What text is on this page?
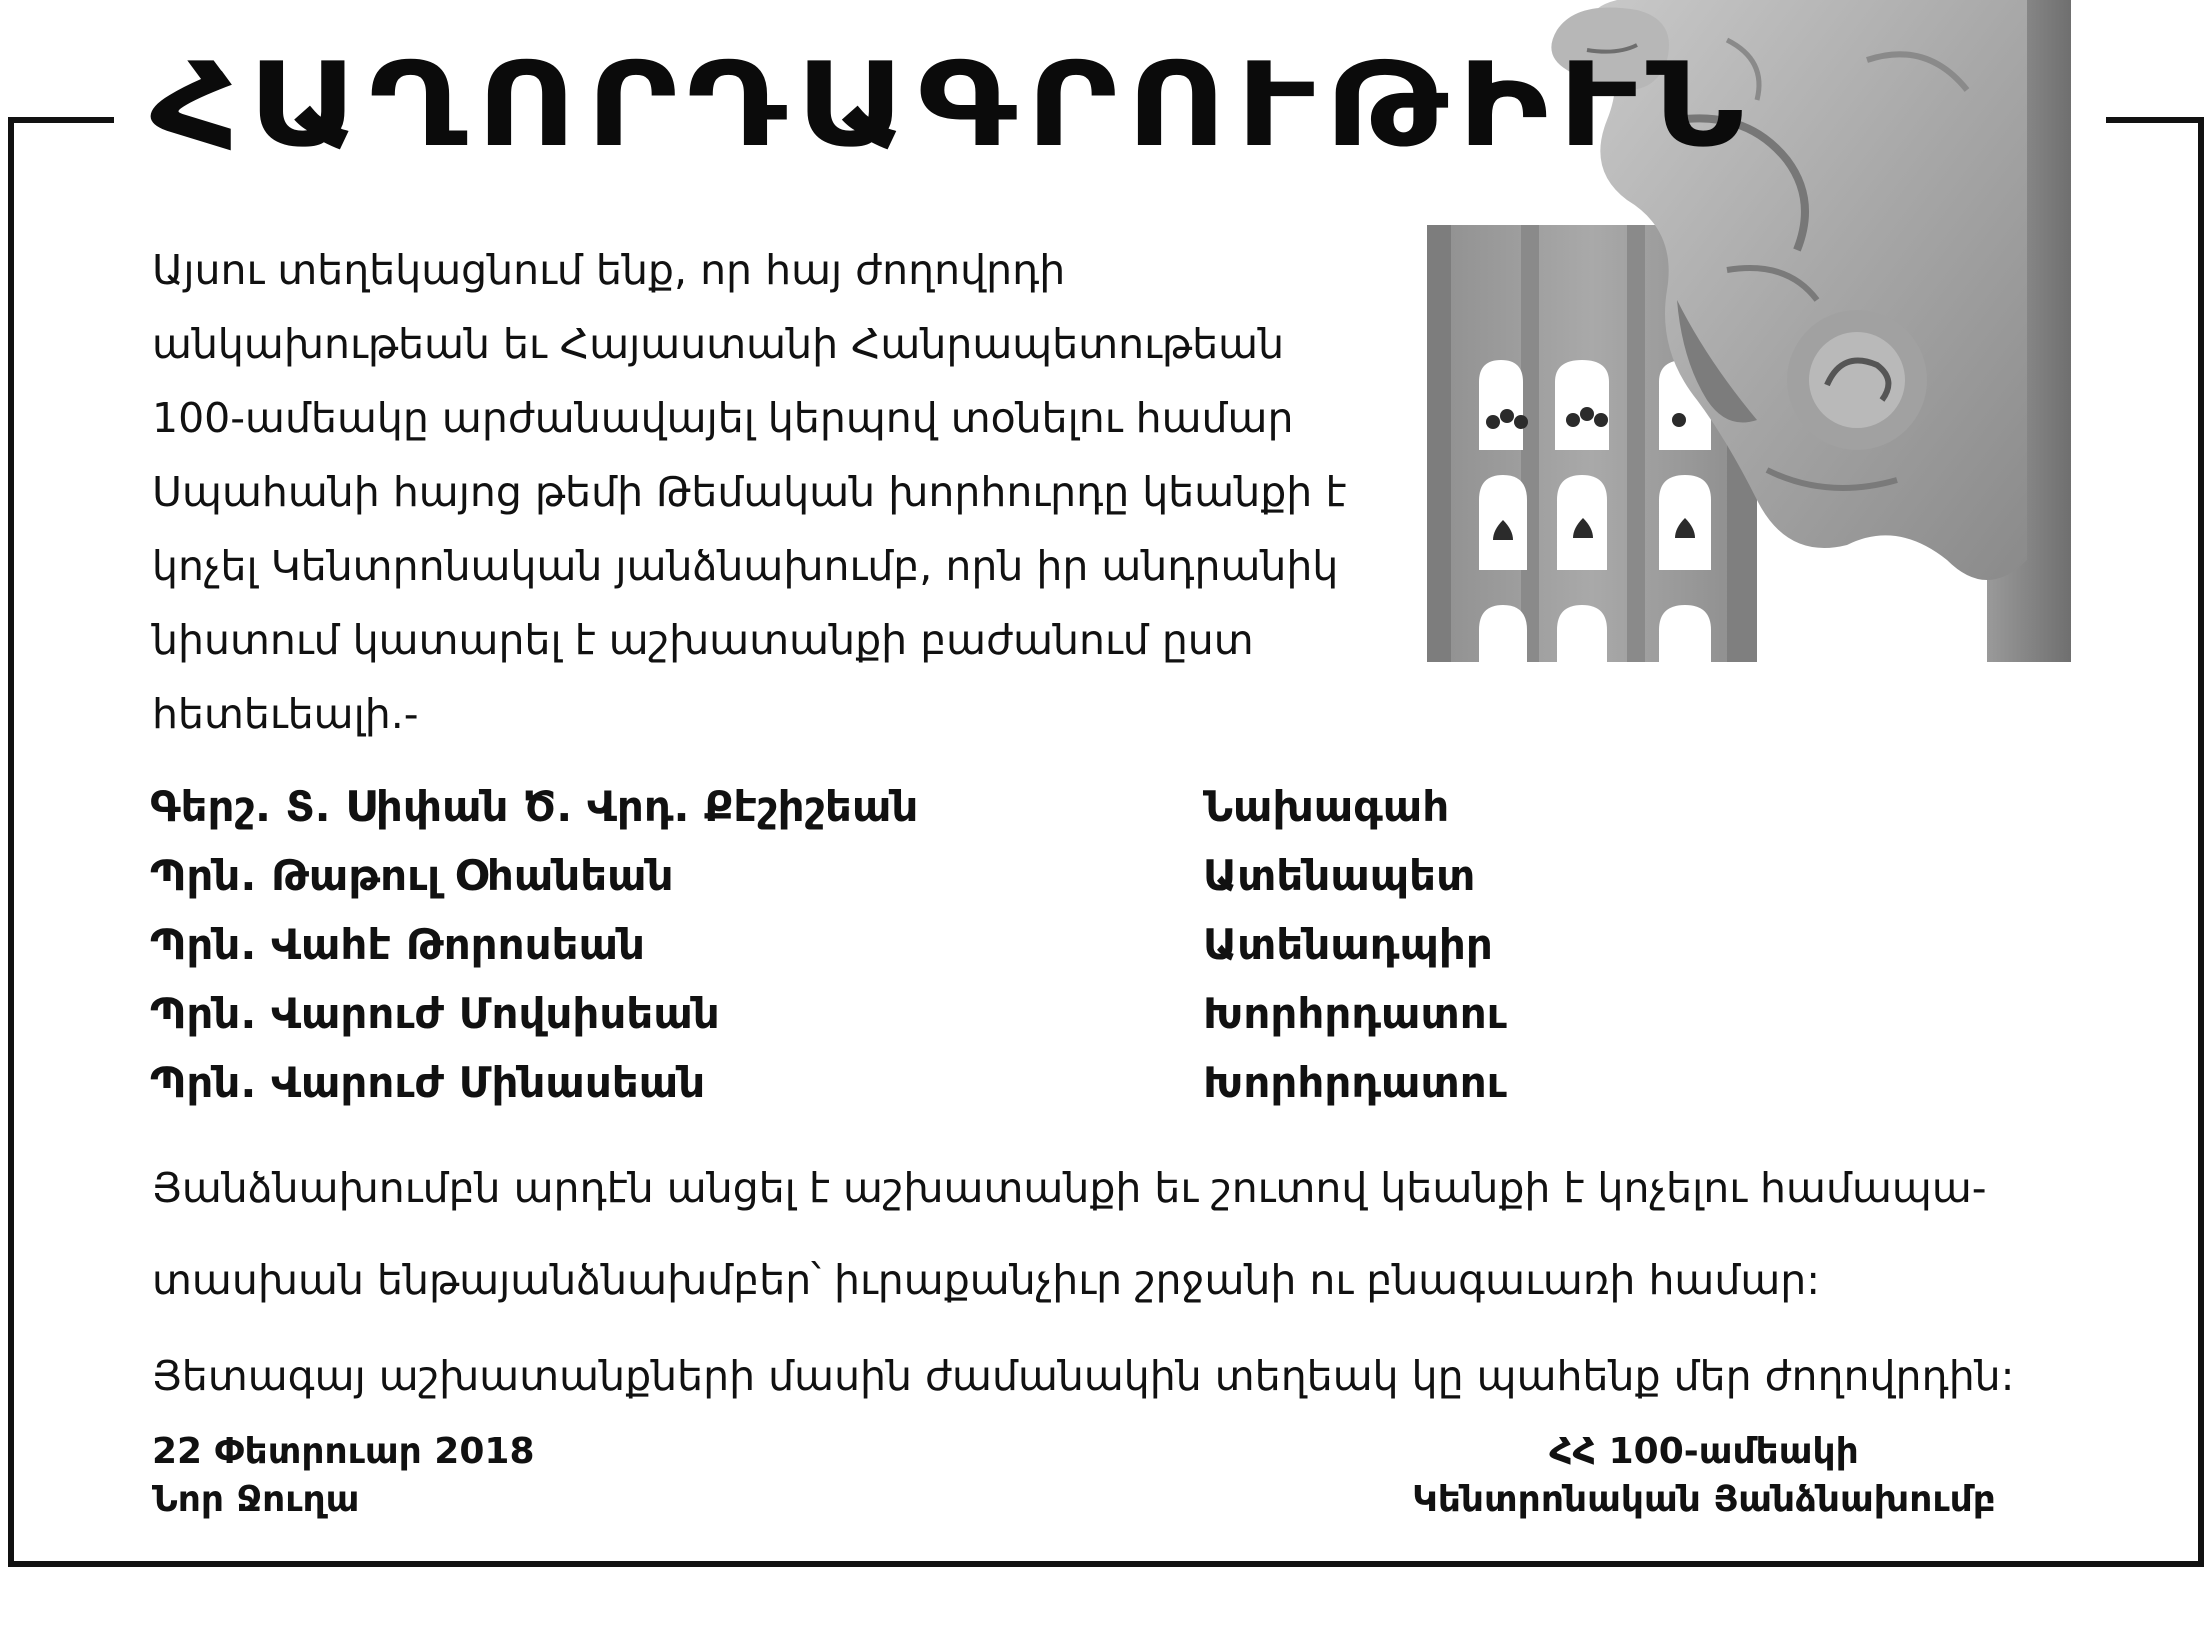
ՀԱՂՈՐԴԱԳՐՈՒԹԻՒՆ
Այսու տեղեկացնում ենք, որ հայ ժողովրդի
անկախութեան եւ Հայաստանի Հանրապետութեան
100-ամեակը արժանավայել կերպով տօնելու համար
Սպահանի հայոց թեմի Թեմական խորհուրդը կեանքի է
կոչել Կենտրոնական յանձնախումբ, որն իր անդրանիկ
նիստում կատարել է աշխատանքի բաժանում ըստ
հետեւեալի.-
Գերշ. Տ. Սիփան Ծ. Վրդ. Քէշիշեան	Նախագահ
Պրն. Թաթուլ Օհանեան	Ատենապետ
Պրն. Վահէ Թորոսեան	Ատենադպիր
Պրն. Վարուժ Մովսիսեան	Խորհրդատու
Պրն. Վարուժ Մինասեան	Խորհրդատու
Յանձնախումբն արդէն անցել է աշխատանքի եւ շուտով կեանքի է կոչելու համապա-
տասխան ենթայանձնախմբեր՝ իւրաքանչիւր շրջանի ու բնագաւառի համար:
Յետագայ աշխատանքների մասին ժամանակին տեղեակ կը պահենք մեր ժողովրդին:
22 Փետրուար 2018
Նոր Ջուղա
ՀՀ 100-ամեակի
Կենտրոնական Յանձնախումբ
